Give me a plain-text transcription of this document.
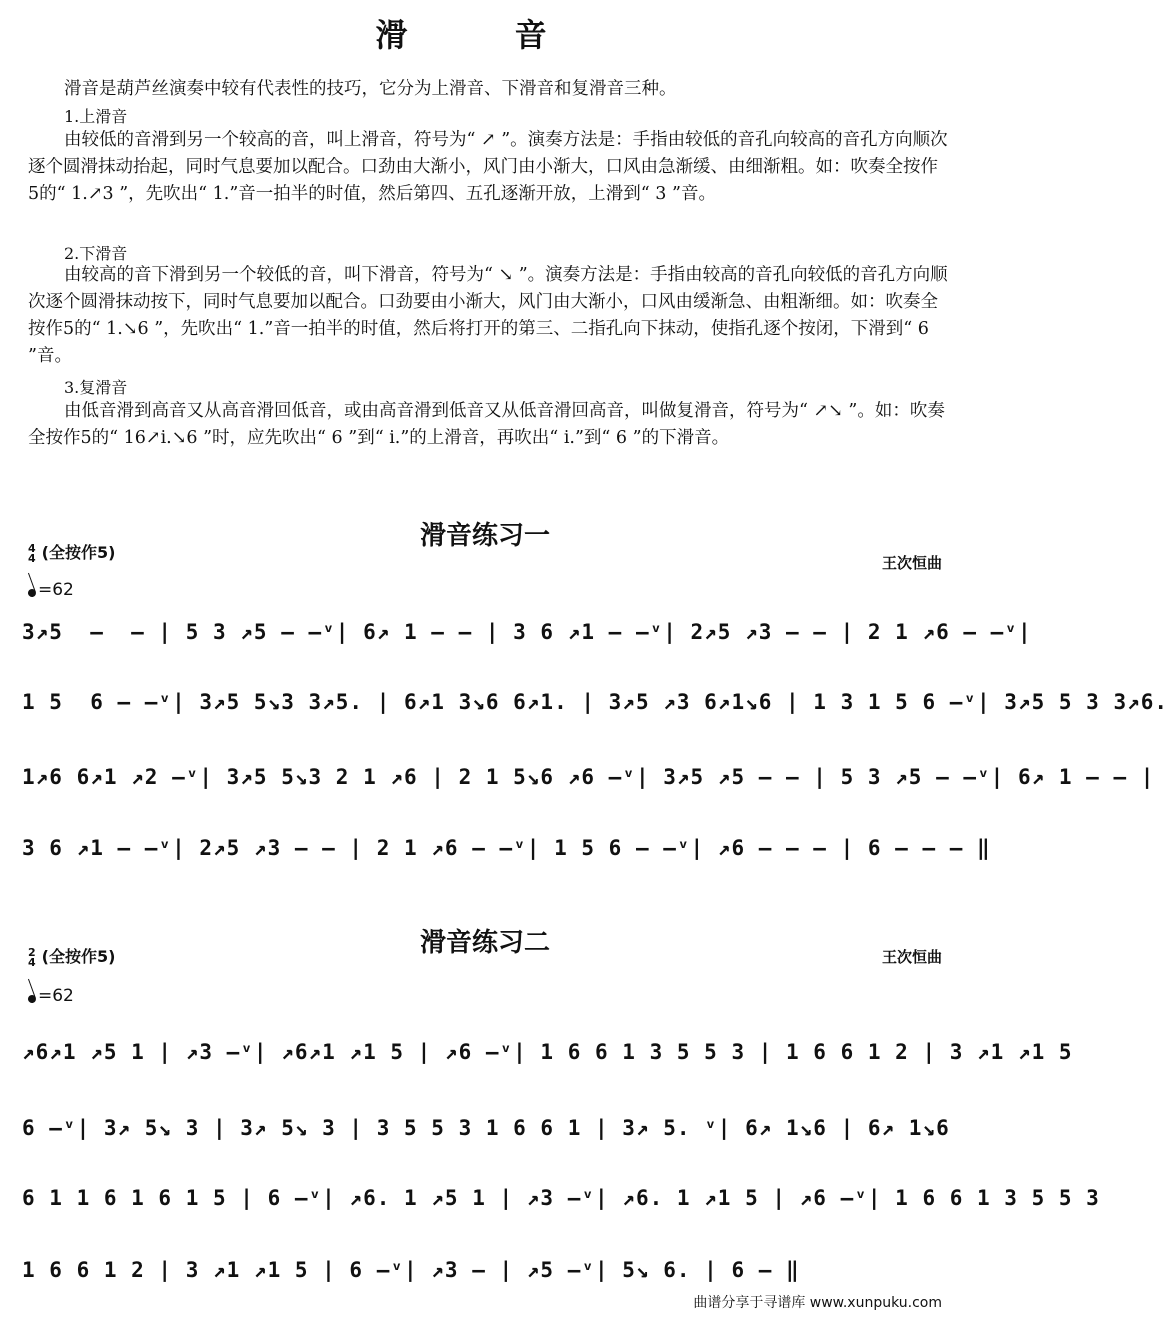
滑 音
滑音是葫芦丝演奏中较有代表性的技巧，它分为上滑音、下滑音和复滑音三种。
1.上滑音
由较低的音滑到另一个较高的音，叫上滑音，符号为“ ↗ ”。演奏方法是：手指由较低的音孔向较高的音孔方向顺次逐个圆滑抹动抬起，同时气息要加以配合。口劲由大渐小，风门由小渐大，口风由急渐缓、由细渐粗。如：吹奏全按作5的“ 1.↗3 ”，先吹出“ 1.”音一拍半的时值，然后第四、五孔逐渐开放，上滑到“ 3 ”音。
2.下滑音
由较高的音下滑到另一个较低的音，叫下滑音，符号为“ ↘ ”。演奏方法是：手指由较高的音孔向较低的音孔方向顺次逐个圆滑抹动按下，同时气息要加以配合。口劲要由小渐大，风门由大渐小，口风由缓渐急、由粗渐细。如：吹奏全按作5的“ 1.↘6 ”，先吹出“ 1.”音一拍半的时值，然后将打开的第三、二指孔向下抹动，使指孔逐个按闭，下滑到“ 6 ”音。
3.复滑音
由低音滑到高音又从高音滑回低音，或由高音滑到低音又从低音滑回高音，叫做复滑音，符号为“ ↗↘ ”。如：吹奏全按作5的“ 16↗i.↘6 ”时，应先吹出“ 6 ”到“ i.”的上滑音，再吹出“ i.”到“ 6 ”的下滑音。
滑音练习一
4
4 (全按作5)
王次恒曲
=62
3↗5  –  – | 5 3 ↗5 – –ᵛ| 6↗ 1 – – | 3 6 ↗1 – –ᵛ| 2↗5 ↗3 – – | 2 1 ↗6 – –ᵛ|
1 5  6 – –ᵛ| 3↗5 5↘3 3↗5. | 6↗1 3↘6 6↗1. | 3↗5 ↗3 6↗1↘6 | 1 3 1 5 6 –ᵛ| 3↗5 5 3 3↗6.
1↗6 6↗1 ↗2 –ᵛ| 3↗5 5↘3 2 1 ↗6 | 2 1 5↘6 ↗6 –ᵛ| 3↗5 ↗5 – – | 5 3 ↗5 – –ᵛ| 6↗ 1 – – |
3 6 ↗1 – –ᵛ| 2↗5 ↗3 – – | 2 1 ↗6 – –ᵛ| 1 5 6 – –ᵛ| ↗6 – – – | 6 – – – ‖
滑音练习二
2
4 (全按作5)	王次恒曲
=62
↗6↗1 ↗5 1 | ↗3 –ᵛ| ↗6↗1 ↗1 5 | ↗6 –ᵛ| 1 6 6 1 3 5 5 3 | 1 6 6 1 2 | 3 ↗1 ↗1 5
6 –ᵛ| 3↗ 5↘ 3 | 3↗ 5↘ 3 | 3 5 5 3 1 6 6 1 | 3↗ 5. ᵛ| 6↗ 1↘6 | 6↗ 1↘6
6 1 1 6 1 6 1 5 | 6 –ᵛ| ↗6. 1 ↗5 1 | ↗3 –ᵛ| ↗6. 1 ↗1 5 | ↗6 –ᵛ| 1 6 6 1 3 5 5 3
1 6 6 1 2 | 3 ↗1 ↗1 5 | 6 –ᵛ| ↗3 – | ↗5 –ᵛ| 5↘ 6. | 6 – ‖
曲谱分享于寻谱库 www.xunpuku.com
